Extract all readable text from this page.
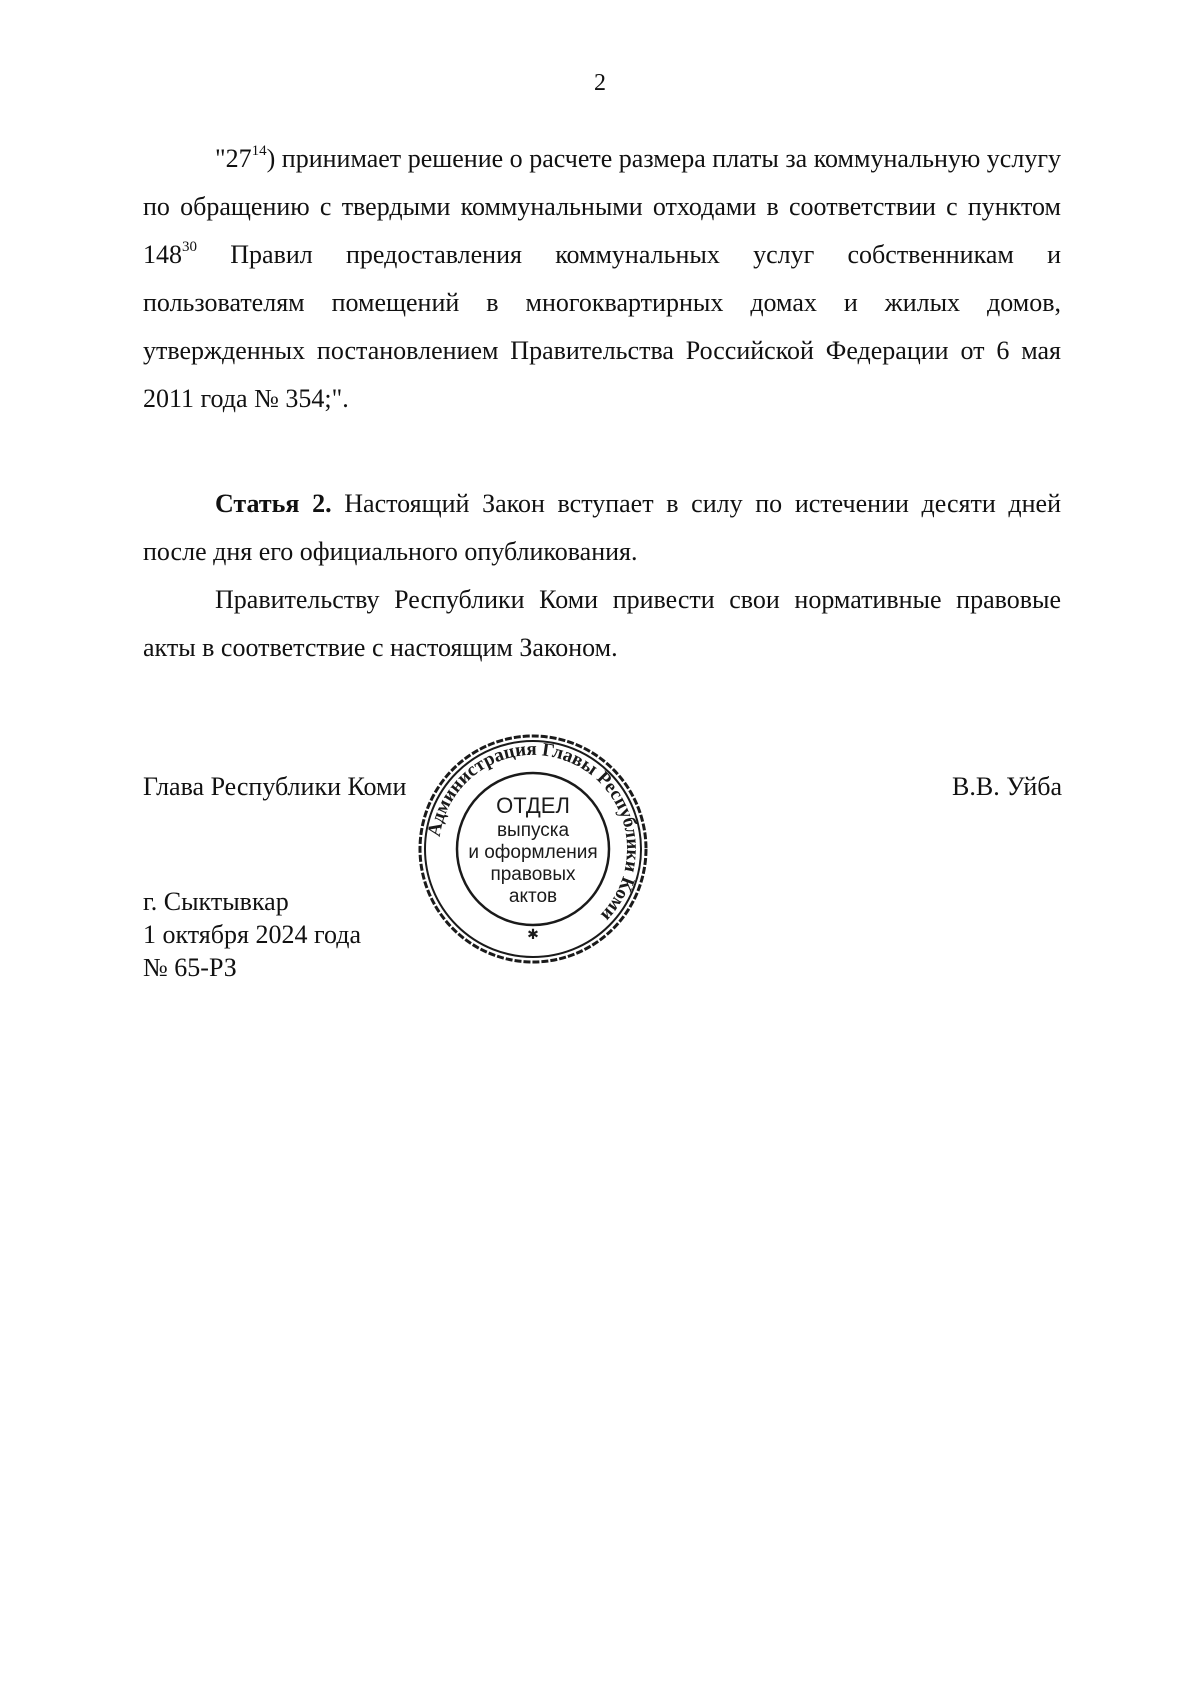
2

"$27^{14}$) принимает решение о расчете размера платы за коммунальную услугу по обращению с твердыми коммунальными отходами в соответствии с пунктом $148^{30}$ Правил предоставления коммунальных услуг собственникам и пользователям помещений в многоквартирных домах и жилых домов, утвержденных постановлением Правительства Российской Федерации от 6 мая 2011 года № 354;".

Статья 2. Настоящий Закон вступает в силу по истечении десяти дней после дня его официального опубликования.

Правительству Республики Коми привести свои нормативные правовые акты в соответствие с настоящим Законом.

Глава Республики Коми	В.В. Уйба
г. Сыктывкар
1 октября 2024 года
№ 65-РЗ
Администрация Главы Республики Коми
ОТДЕЛ
выпуска
и оформления
правовых
актов
✱
